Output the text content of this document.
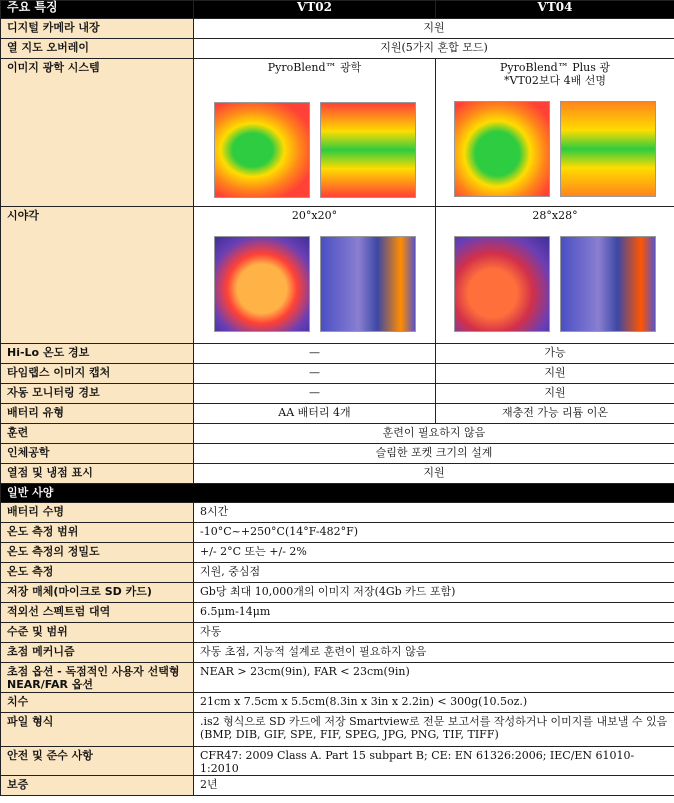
주요 특징	VT02	VT04
디지털 카메라 내장	지원	
열 지도 오버레이	지원(5가지 혼합 모드)	
이미지 광학 시스템	PyroBlend™ 광학	PyroBlend™ Plus 광
*VT02보다 4배 선명

시야각	20°x20°	28°x28°

Hi-Lo 온도 경보	—	가능
타임랩스 이미지 캡처	—	지원
자동 모니터링 경보	—	지원
배터리 유형	AA 배터리 4개	재충전 가능 리튬 이온
훈련	훈련이 필요하지 않음	
인체공학	슬림한 포켓 크기의 설계	
열점 및 냉점 표시	지원	
일반 사양		
배터리 수명	8시간	
온도 측정 범위	-10°C~+250°C(14°F-482°F)	
온도 측정의 정밀도	+/- 2°C 또는 +/- 2%	
온도 측정	지원, 중심점	
저장 매체(마이크로 SD 카드)	Gb당 최대 10,000개의 이미지 저장(4Gb 카드 포함)	
적외선 스펙트럼 대역	6.5μm-14μm	
수준 및 범위	자동	
초점 메커니즘	자동 초점, 지능적 설계로 훈련이 필요하지 않음	
초점 옵션 - 독점적인 사용자 선택형 NEAR/FAR 옵션	NEAR > 23cm(9in), FAR < 23cm(9in)	
치수	21cm x 7.5cm x 5.5cm(8.3in x 3in x 2.2in) < 300g(10.5oz.)	
파일 형식	.is2 형식으로 SD 카드에 저장 Smartview로 전문 보고서를 작성하거나 이미지를 내보낼 수 있음(BMP, DIB, GIF, SPE, FIF, SPEG, JPG, PNG, TIF, TIFF)	
안전 및 준수 사항	CFR47: 2009 Class A. Part 15 subpart B; CE: EN 61326:2006; IEC/EN 61010-1:2010	
보증	2년	
